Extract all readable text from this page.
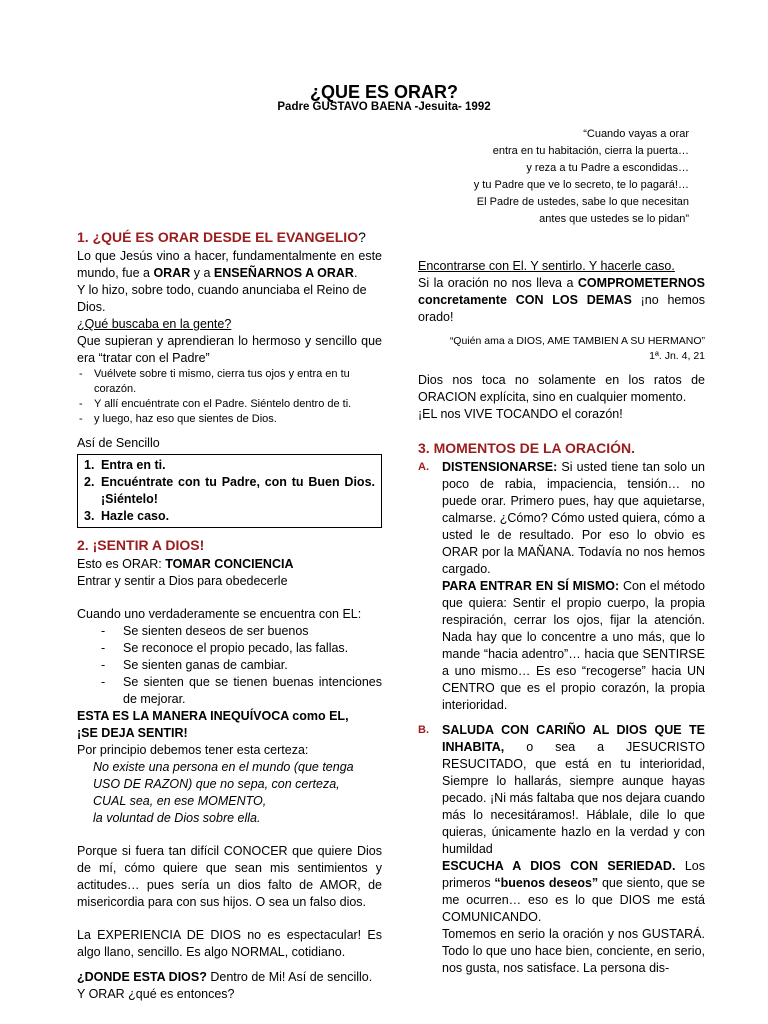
¿QUE ES ORAR?
Padre GUSTAVO BAENA -Jesuita- 1992
“Cuando vayas a orar
entra en tu habitación, cierra la puerta…
y reza a tu Padre a escondidas…
y tu Padre que ve lo secreto, te lo pagará!…
El Padre de ustedes, sabe lo que necesitan
antes que ustedes se lo pidan”
1. ¿QUÉ ES ORAR DESDE EL EVANGELIO?

Lo que Jesús vino a hacer, fundamentalmente en este mundo, fue a ORAR y a ENSEÑARNOS A ORAR.

Y lo hizo, sobre todo, cuando anunciaba el Reino de Dios.

¿Qué buscaba en la gente?

Que supieran y aprendieran lo hermoso y sencillo que era “tratar con el Padre”

- Vuélvete sobre ti mismo, cierra tus ojos y entra en tu corazón.
- Y allí encuéntrate con el Padre. Siéntelo dentro de ti.
- y luego, haz eso que sientes de Dios.

Así de Sencillo

1. Entra en ti.
2. Encuéntrate con tu Padre, con tu Buen Dios. ¡Siéntelo!
3. Hazle caso.
2. ¡SENTIR A DIOS!

Esto es ORAR: TOMAR CONCIENCIA

Entrar y sentir a Dios para obedecerle

Cuando uno verdaderamente se encuentra con EL:

- Se sienten deseos de ser buenos
- Se reconoce el propio pecado, las fallas.
- Se sienten ganas de cambiar.
- Se sienten que se tienen buenas intenciones de mejorar.

ESTA ES LA MANERA INEQUÍVOCA como EL,

¡SE DEJA SENTIR!

Por principio debemos tener esta certeza:

No existe una persona en el mundo (que tenga USO DE RAZON) que no sepa, con certeza,

CUAL sea, en ese MOMENTO,

la voluntad de Dios sobre ella.

Porque si fuera tan difícil CONOCER que quiere Dios de mí, cómo quiere que sean mis sentimientos y actitudes… pues sería un dios falto de AMOR, de misericordia para con sus hijos. O sea un falso dios.

La EXPERIENCIA DE DIOS no es espectacular! Es algo llano, sencillo. Es algo NORMAL, cotidiano.

¿DONDE ESTA DIOS? Dentro de Mi! Así de sencillo.

Y ORAR ¿qué es entonces?

Encontrarse con El. Y sentirlo. Y hacerle caso.

Si la oración no nos lleva a COMPROMETERNOS concretamente CON LOS DEMAS ¡no hemos orado!

“Quién ama a DIOS, AME TAMBIEN A SU HERMANO”

1ª. Jn. 4, 21

Dios nos toca no solamente en los ratos de ORACION explícita, sino en cualquier momento.

¡EL nos VIVE TOCANDO el corazón!

3. MOMENTOS DE LA ORACIÓN.
A. DISTENSIONARSE: Si usted tiene tan solo un poco de rabia, impaciencia, tensión… no puede orar. Primero pues, hay que aquietarse, calmarse. ¿Cómo? Cómo usted quiera, cómo a usted le de resultado. Por eso lo obvio es ORAR por la MAÑANA. Todavía no nos hemos cargado.

PARA ENTRAR EN SÍ MISMO: Con el método que quiera: Sentir el propio cuerpo, la propia respiración, cerrar los ojos, fijar la atención. Nada hay que lo concentre a uno más, que lo mande “hacia adentro”… hacia que SENTIRSE a uno mismo… Es eso “recogerse” hacia UN CENTRO que es el propio corazón, la propia interioridad.

B. SALUDA CON CARIÑO AL DIOS QUE TE INHABITA, o sea a JESUCRISTO RESUCITADO, que está en tu interioridad, Siempre lo hallarás, siempre aunque hayas pecado. ¡Ni más faltaba que nos dejara cuando más lo necesitáramos!. Háblale, dile lo que quieras, únicamente hazlo en la verdad y con humildad

ESCUCHA A DIOS CON SERIEDAD. Los primeros “buenos deseos” que siento, que se me ocurren… eso es lo que DIOS me está COMUNICANDO.

Tomemos en serio la oración y nos GUSTARÁ. Todo lo que uno hace bien, conciente, en serio, nos gusta, nos satisface. La persona dis-
